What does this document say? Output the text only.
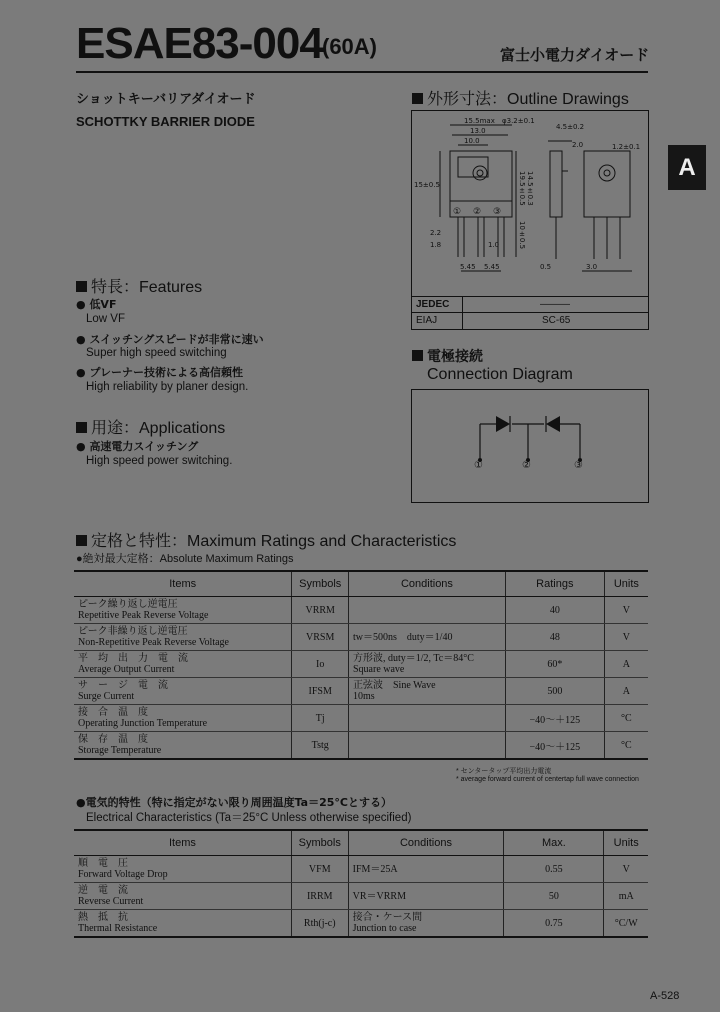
ESAE83-004 (60A)	富士小電力ダイオード
ショットキーバリアダイオード
SCHOTTKY BARRIER DIODE
A
外形寸法：Outline Drawings
15.5max
13.0
10.0
φ3.2±0.1
4.5±0.2
2.0	1.2±0.1
15±0.5
2.2
1.8	1.0
5.45 5.45	0.5	3.0
19.5±0.5
10±0.5
14.5±0.3
① ② ③
JEDEC	———
EIAJ	SC-65
特長：Features
● 低VF
Low VF
● スイッチングスピードが非常に速い
Super high speed switching
● プレーナー技術による高信頼性
High reliability by planer design.
用途：Applications
● 高速電力スイッチング
High speed power switching.
電極接続
Connection Diagram
①	②	③
定格と特性：Maximum Ratings and Characteristics
●絶対最大定格：Absolute Maximum Ratings
Items	Symbols	Conditions	Ratings	Units

ピーク繰り返し逆電圧
Repetitive Peak Reverse Voltage	VRRM		40	V

ピーク非繰り返し逆電圧
Non-Repetitive Peak Reverse Voltage	VRSM	tw＝500ns　duty＝1/40	48	V

平　均　出　力　電　流
Average Output Current	Io	方形波, duty＝1/2, Tc＝84°C
Square wave	60*	A

サ　ー　ジ　電　流
Surge Current	IFSM	正弦波　Sine Wave
10ms	500	A

接　合　温　度
Operating Junction Temperature	Tj		−40～＋125	°C

保　存　温　度
Storage Temperature	Tstg		−40～＋125	°C
* センタータップ平均出力電流
* average forward current of centertap full wave connection
●電気的特性（特に指定がない限り周囲温度Ta＝25°Cとする）
Electrical Characteristics (Ta＝25°C Unless otherwise specified)
Items	Symbols	Conditions	Max.	Units

順　電　圧
Forward Voltage Drop	VFM	IFM＝25A	0.55	V

逆　電　流
Reverse Current	IRRM	VR＝VRRM	50	mA

熱　抵　抗
Thermal Resistance	Rth(j-c)	接合・ケース間
Junction to case	0.75	°C/W
A-528
